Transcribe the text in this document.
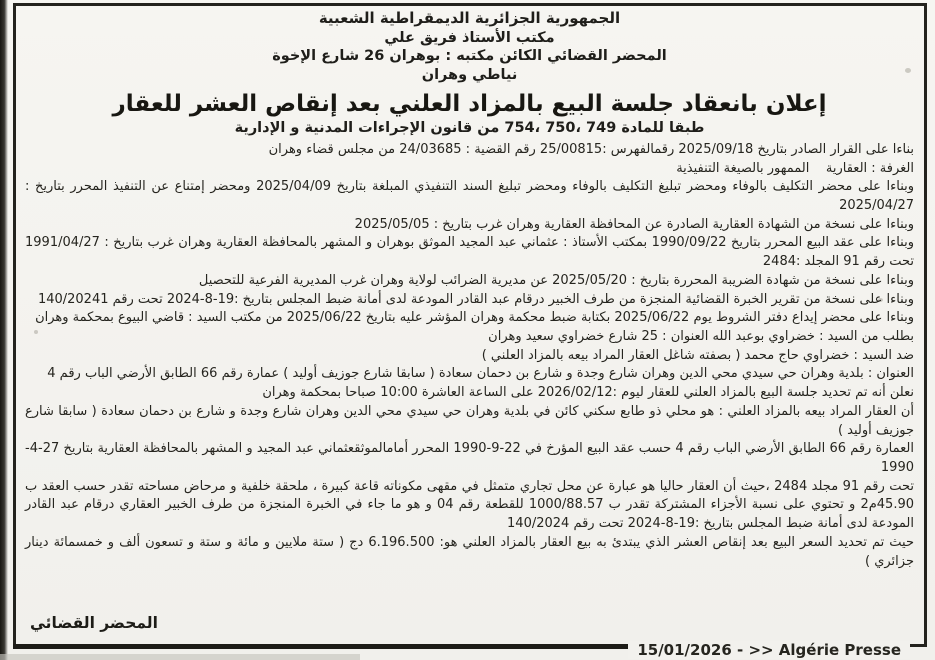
الجمهورية الجزائرية الديمقراطية الشعبية
مكتب الأستاذ فريق علي
المحضر القضائي الكائن مكتبه : بوهران 26 شارع الإخوة
نياطي وهران
إعلان بانعقاد جلسة البيع بالمزاد العلني بعد إنقاص العشر للعقار
طبقا للمادة 749 ،750 ،754 من قانون الإجراءات المدنية و الإدارية

بناءا على القرار الصادر بتاريخ 2025/09/18 رقمالفهرس :25/00815 رقم القضية : 24/03685 من مجلس قضاء وهران

الغرفة : العقارية    الممهور بالصيغة التنفيذية

وبناءا على محضر التكليف بالوفاء ومحضر تبليغ التكليف بالوفاء ومحضر تبليغ السند التنفيذي المبلغة بتاريخ 2025/04/09 ومحضر إمتناع عن التنفيذ المحرر بتاريخ : 2025/04/27

وبناءا على نسخة من الشهادة العقارية الصادرة عن المحافظة العقارية وهران غرب بتاريخ : 2025/05/05

وبناءا على عقد البيع المحرر بتاريخ 1990/09/22 بمكتب الأستاذ : عثماني عبد المجيد الموثق بوهران و المشهر بالمحافظة العقارية وهران غرب بتاريخ : 1991/04/27 تحت رقم 91 المجلد :2484

وبناءا على نسخة من شهادة الضريبة المحررة بتاريخ : 2025/05/20 عن مديرية الضرائب لولاية وهران غرب المديرية الفرعية للتحصيل

وبناءا على نسخة من تقرير الخبرة القضائية المنجزة من طرف الخبير درقام عبد القادر المودعة لدى أمانة ضبط المجلس بتاريخ :19-8-2024 تحت رقم 140/20241

وبناءا على محضر إيداع دفتر الشروط يوم 2025/06/22 بكتابة ضبط محكمة وهران المؤشر عليه بتاريخ 2025/06/22 من مكتب السيد : قاضي البيوع بمحكمة وهران

بطلب من السيد : خضراوي بوعبد الله العنوان : 25 شارع خضراوي سعيد وهران

ضد السيد : خضراوي حاج محمد ( بصفته شاغل العقار المراد بيعه بالمزاد العلني )

العنوان : بلدية وهران حي سيدي محي الدين وهران شارع وجدة و شارع بن دحمان سعادة ( سابقا شارع جوزيف أوليد ) عمارة رقم 66 الطابق الأرضي الباب رقم 4

نعلن أنه تم تحديد جلسة البيع بالمزاد العلني للعقار ليوم :2026/02/12 على الساعة العاشرة 10:00 صباحا بمحكمة وهران

أن العقار المراد بيعه بالمزاد العلني : هو محلي ذو طابع سكني كائن في بلدية وهران حي سيدي محي الدين وهران شارع وجدة و شارع بن دحمان سعادة ( سابقا شارع جوزيف أوليد )

العمارة رقم 66 الطابق الأرضي الباب رقم 4 حسب عقد البيع المؤرخ في 22-9-1990 المحرر أمامالموثقعثماني عبد المجيد و المشهر بالمحافظة العقارية بتاريخ 27-4-1990

تحت رقم 91 مجلد 2484 ،حيث أن العقار حاليا هو عبارة عن محل تجاري متمثل في مقهى مكوناته قاعة كبيرة ، ملحقة خلفية و مرحاض مساحته تقدر حسب العقد ب 45.90م2 و تحتوي على نسبة الأجزاء المشتركة تقدر ب 1000/88.57 للقطعة رقم 04 و هو ما جاء في الخبرة المنجزة من طرف الخبير العقاري درقام عبد القادر المودعة لدى أمانة ضبط المجلس بتاريخ :19-8-2024 تحت رقم 140/2024

حيث تم تحديد السعر البيع بعد إنقاص العشر الذي يبتدئ به بيع العقار بالمزاد العلني هو: 6.196.500 دج ( ستة ملايين و مائة و ستة و تسعون ألف و خمسمائة دينار جزائري )

المحضر القضائي
15/01/2026 - >> Algérie Presse
